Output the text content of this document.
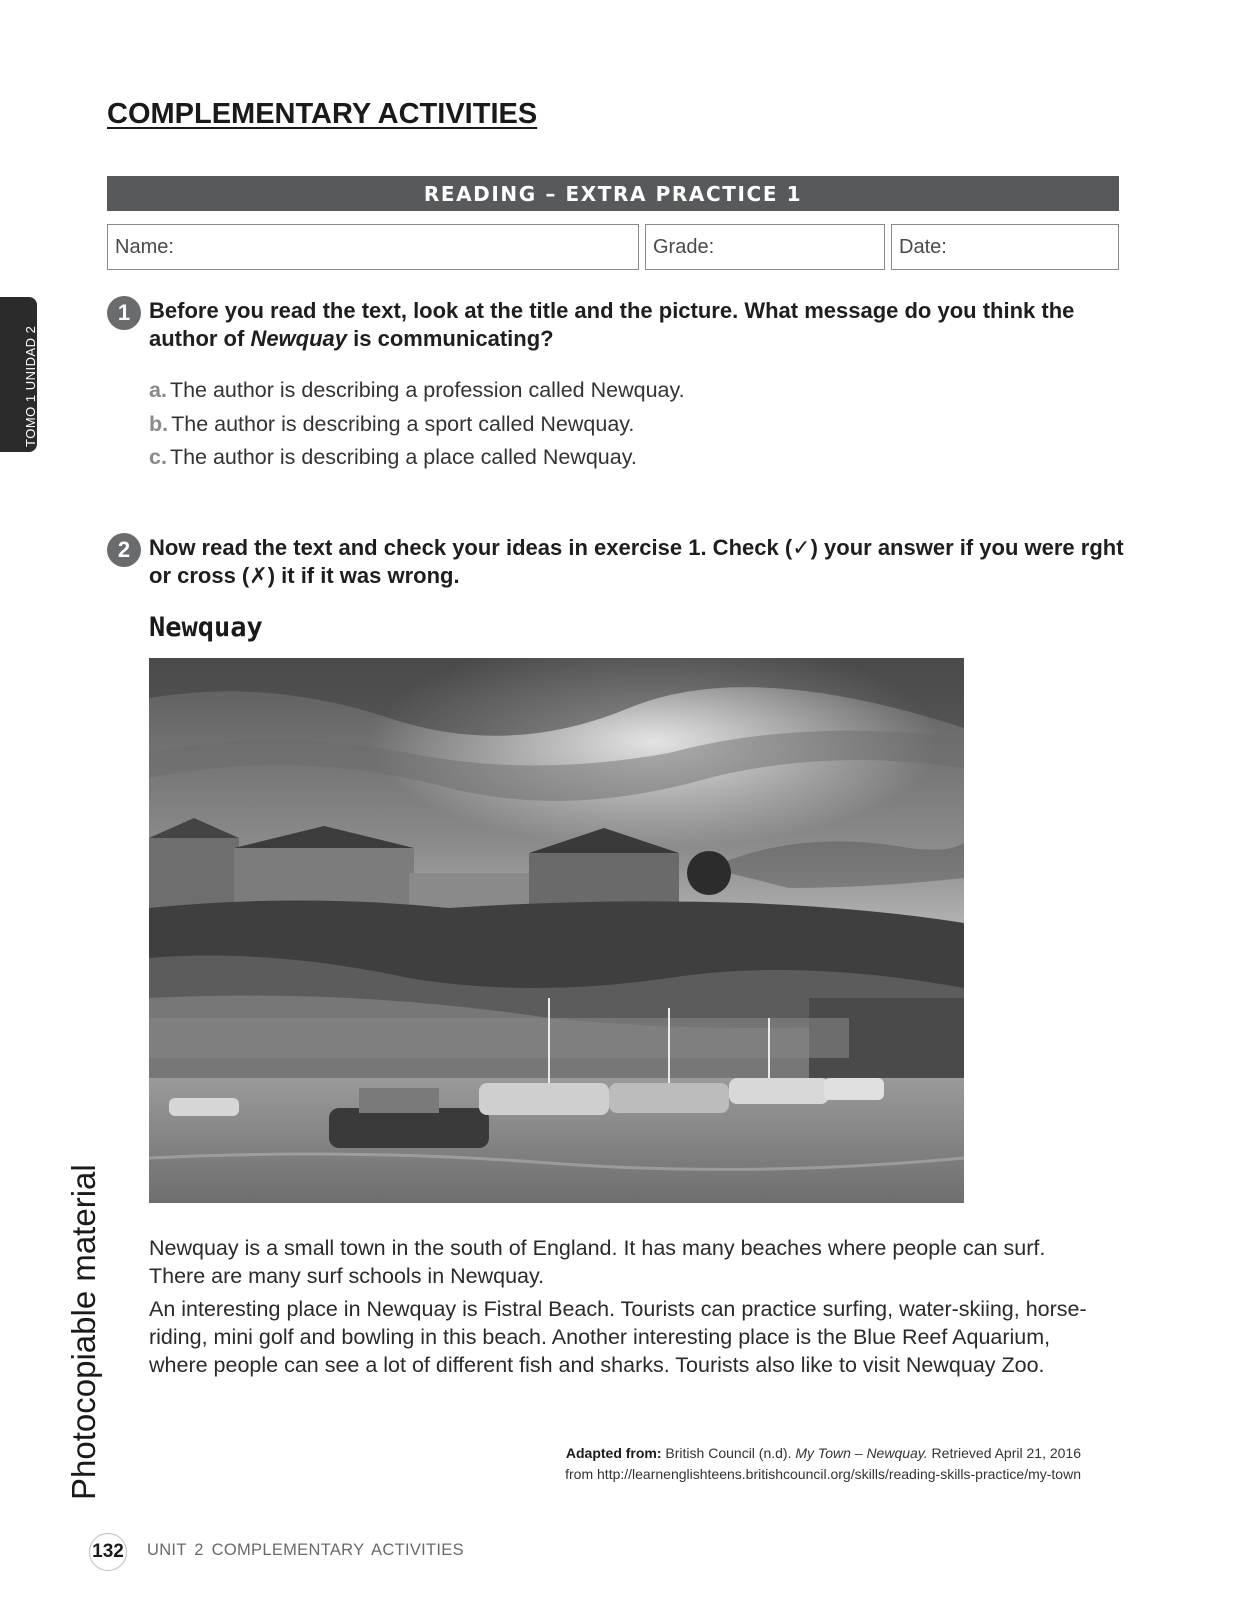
COMPLEMENTARY ACTIVITIES
READING – EXTRA PRACTICE 1
Name:	Grade:	Date:
TOMO 1 UNIDAD 2
Photocopiable material
1 Before you read the text, look at the title and the picture. What message do you think the author of Newquay is communicating?
a. The author is describing a profession called Newquay.
b. The author is describing a sport called Newquay.
c. The author is describing a place called Newquay.
2 Now read the text and check your ideas in exercise 1. Check (✓) your answer if you were rght or cross (✗) it if it was wrong.
Newquay

Newquay is a small town in the south of England. It has many beaches where people can surf. There are many surf schools in Newquay.

An interesting place in Newquay is Fistral Beach. Tourists can practice surfing, water-skiing, horse-riding, mini golf and bowling in this beach. Another interesting place is the Blue Reef Aquarium, where people can see a lot of different fish and sharks. Tourists also like to visit Newquay Zoo.

Adapted from: British Council (n.d). My Town – Newquay. Retrieved April 21, 2016
from http://learnenglishteens.britishcouncil.org/skills/reading-skills-practice/my-town
132 UNIT 2 COMPLEMENTARY ACTIVITIES
